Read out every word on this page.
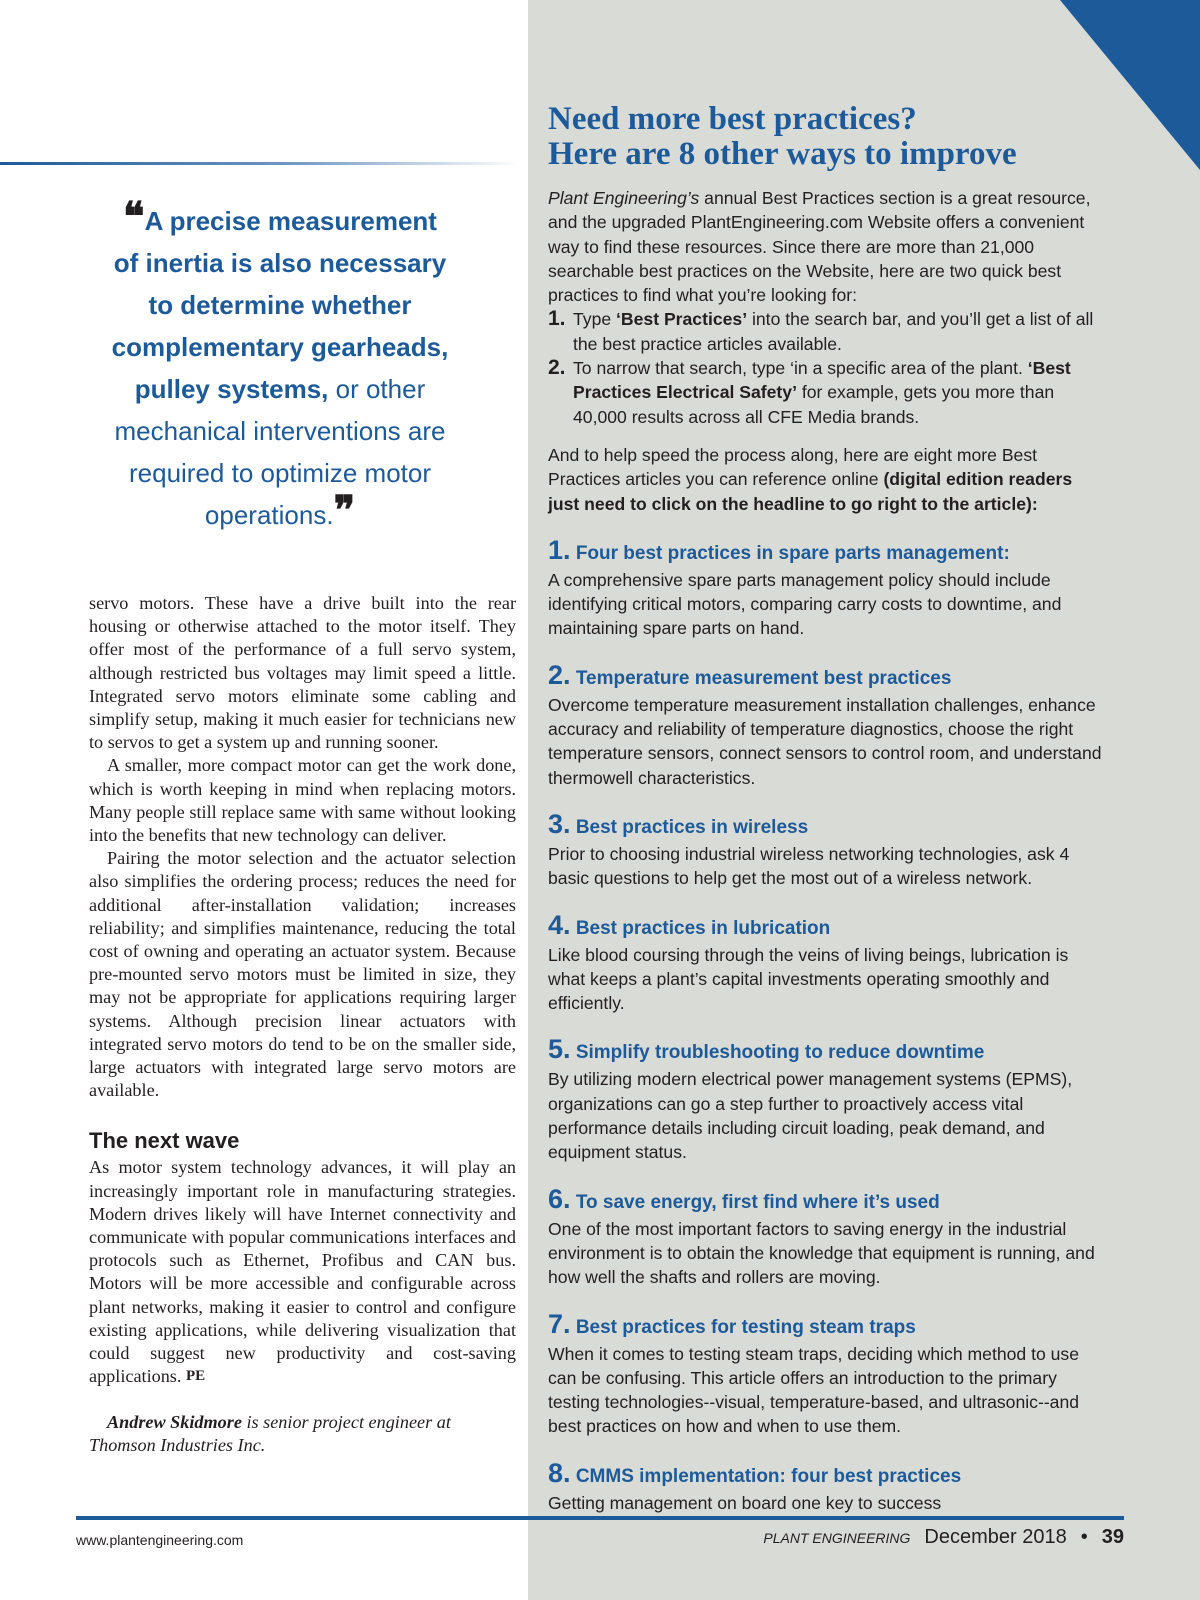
❝A precise measurement
of inertia is also necessary
to determine whether
complementary gearheads,
pulley systems, or other
mechanical interventions are
required to optimize motor
operations.❞

servo motors. These have a drive built into the rear housing or otherwise attached to the motor itself. They offer most of the performance of a full servo system, although restricted bus voltages may limit speed a little. Integrated servo motors eliminate some cabling and simplify setup, making it much easier for technicians new to servos to get a system up and running sooner.

A smaller, more compact motor can get the work done, which is worth keeping in mind when replacing motors. Many people still replace same with same without looking into the benefits that new technology can deliver.

Pairing the motor selection and the actuator selection also simplifies the ordering process; reduces the need for additional after-installation validation; increases reliability; and simplifies maintenance, reducing the total cost of owning and operating an actuator system. Because pre-mounted servo motors must be limited in size, they may not be appropriate for applications requiring larger systems. Although precision linear actuators with integrated servo motors do tend to be on the smaller side, large actuators with integrated large servo motors are available.

The next wave

As motor system technology advances, it will play an increasingly important role in manufacturing strategies. Modern drives likely will have Internet connectivity and communicate with popular communications interfaces and protocols such as Ethernet, Profibus and CAN bus. Motors will be more accessible and configurable across plant networks, making it easier to control and configure existing applications, while delivering visualization that could suggest new productivity and cost-saving applications. PE

Andrew Skidmore is senior project engineer at Thomson Industries Inc.

Need more best practices?
Here are 8 other ways to improve

Plant Engineering’s annual Best Practices section is a great resource, and the upgraded PlantEngineering.com Website offers a convenient way to find these resources. Since there are more than 21,000 searchable best practices on the Website, here are two quick best practices to find what you’re looking for:

1. Type ‘Best Practices’ into the search bar, and you’ll get a list of all the best practice articles available.
2. To narrow that search, type ‘in a specific area of the plant. ‘Best Practices Electrical Safety’ for example, gets you more than 40,000 results across all CFE Media brands.

And to help speed the process along, here are eight more Best Practices articles you can reference online (digital edition readers just need to click on the headline to go right to the article):

1. Four best practices in spare parts management:

A comprehensive spare parts management policy should include identifying critical motors, comparing carry costs to downtime, and maintaining spare parts on hand.

2. Temperature measurement best practices

Overcome temperature measurement installation challenges, enhance accuracy and reliability of temperature diagnostics, choose the right temperature sensors, connect sensors to control room, and understand thermowell characteristics.

3. Best practices in wireless

Prior to choosing industrial wireless networking technologies, ask 4 basic questions to help get the most out of a wireless network.

4. Best practices in lubrication

Like blood coursing through the veins of living beings, lubrication is what keeps a plant’s capital investments operating smoothly and efficiently.

5. Simplify troubleshooting to reduce downtime

By utilizing modern electrical power management systems (EPMS), organizations can go a step further to proactively access vital performance details including circuit loading, peak demand, and equipment status.

6. To save energy, first find where it’s used

One of the most important factors to saving energy in the industrial environment is to obtain the knowledge that equipment is running, and how well the shafts and rollers are moving.

7. Best practices for testing steam traps

When it comes to testing steam traps, deciding which method to use can be confusing. This article offers an introduction to the primary testing technologies--visual, temperature-based, and ultrasonic--and best practices on how and when to use them.

8. CMMS implementation: four best practices

Getting management on board one key to success

www.plantengineering.com	PLANT ENGINEERING December 2018 • 39
